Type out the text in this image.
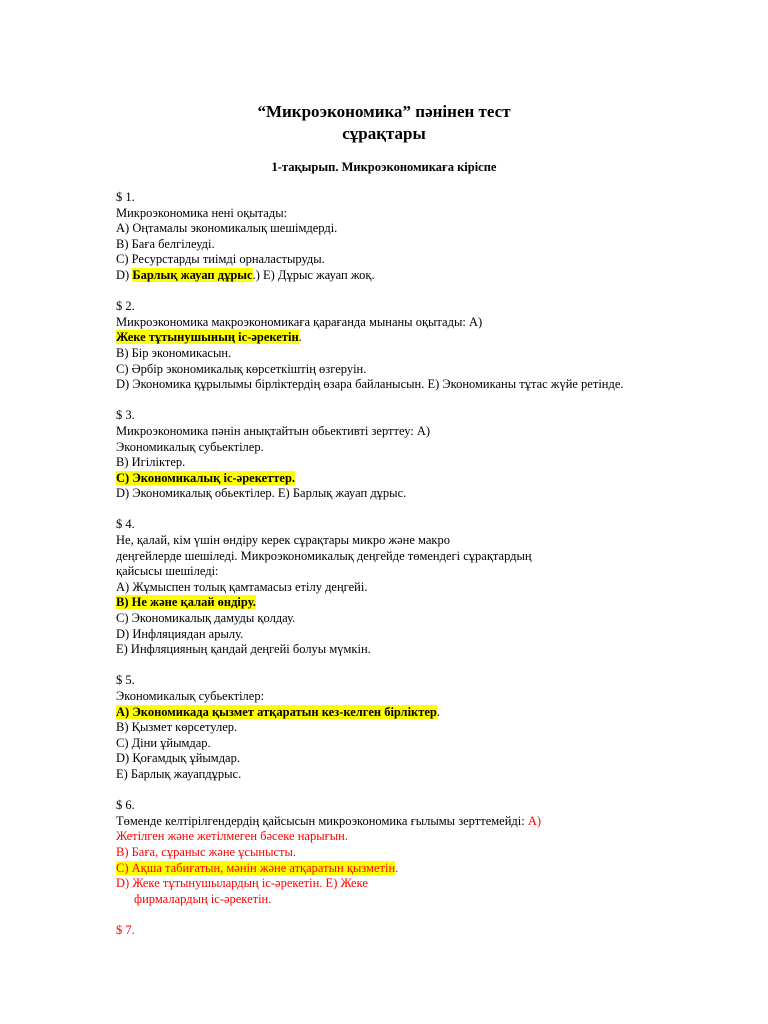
“Микроэкономика” пәнінен тест
сұрақтары
1-тақырып. Микроэкономикаға кіріспе
$ 1.
Микроэкономика нені оқытады:
A) Оңтамалы экономикалық шешімдерді.
B) Баға белгілеуді.
C) Ресурстарды тиімді орналастыруды.
D) Барлық жауап дұрыс.) E) Дұрыс жауап жоқ.
$ 2.
Микроэкономика макроэкономикаға қарағанда мынаны оқытады: A)
Жеке тұтынушының іс-әрекетін.
B) Бір экономикасын.
C) Әрбір экономикалық көрсеткіштің өзгеруін.
D) Экономика құрылымы бірліктердің өзара байланысын. E) Экономиканы тұтас жүйе ретінде.
$ 3.
Микроэкономика пәнін анықтайтын обьективті зерттеу: A)
Экономикалық субьектілер.
B) Игіліктер.
C) Экономикалық іс-әрекеттер.
D) Экономикалық обьектілер. E) Барлық жауап дұрыс.
$ 4.
Не, қалай, кім үшін өндіру керек сұрақтары микро және макро
деңгейлерде шешіледі. Микроэкономикалық деңгейде төмендегі сұрақтардың
қайсысы шешіледі:
A) Жұмыспен толық қамтамасыз етілу деңгейі.
B) Не және қалай өндіру.
C) Экономикалық дамуды қолдау.
D) Инфляциядан арылу.
E) Инфляцияның қандай деңгейі болуы мүмкін.
$ 5.
Экономикалық субьектілер:
A) Экономикада қызмет атқаратын кез-келген бірліктер.
B) Қызмет көрсетулер.
C) Діни ұйымдар.
D) Қоғамдық ұйымдар.
E) Барлық жауапдұрыс.
$ 6.
Төменде келтірілгендердің қайсысын микроэкономика ғылымы зерттемейді: A)
Жетілген және жетілмеген бәсеке нарығын.
B) Баға, сұраныс және ұсынысты.
C) Ақша табиғатын, мәнін және атқаратын қызметін.
D) Жеке тұтынушылардың іс-әрекетін. E) Жеке
фирмалардың іс-әрекетін.
$ 7.
